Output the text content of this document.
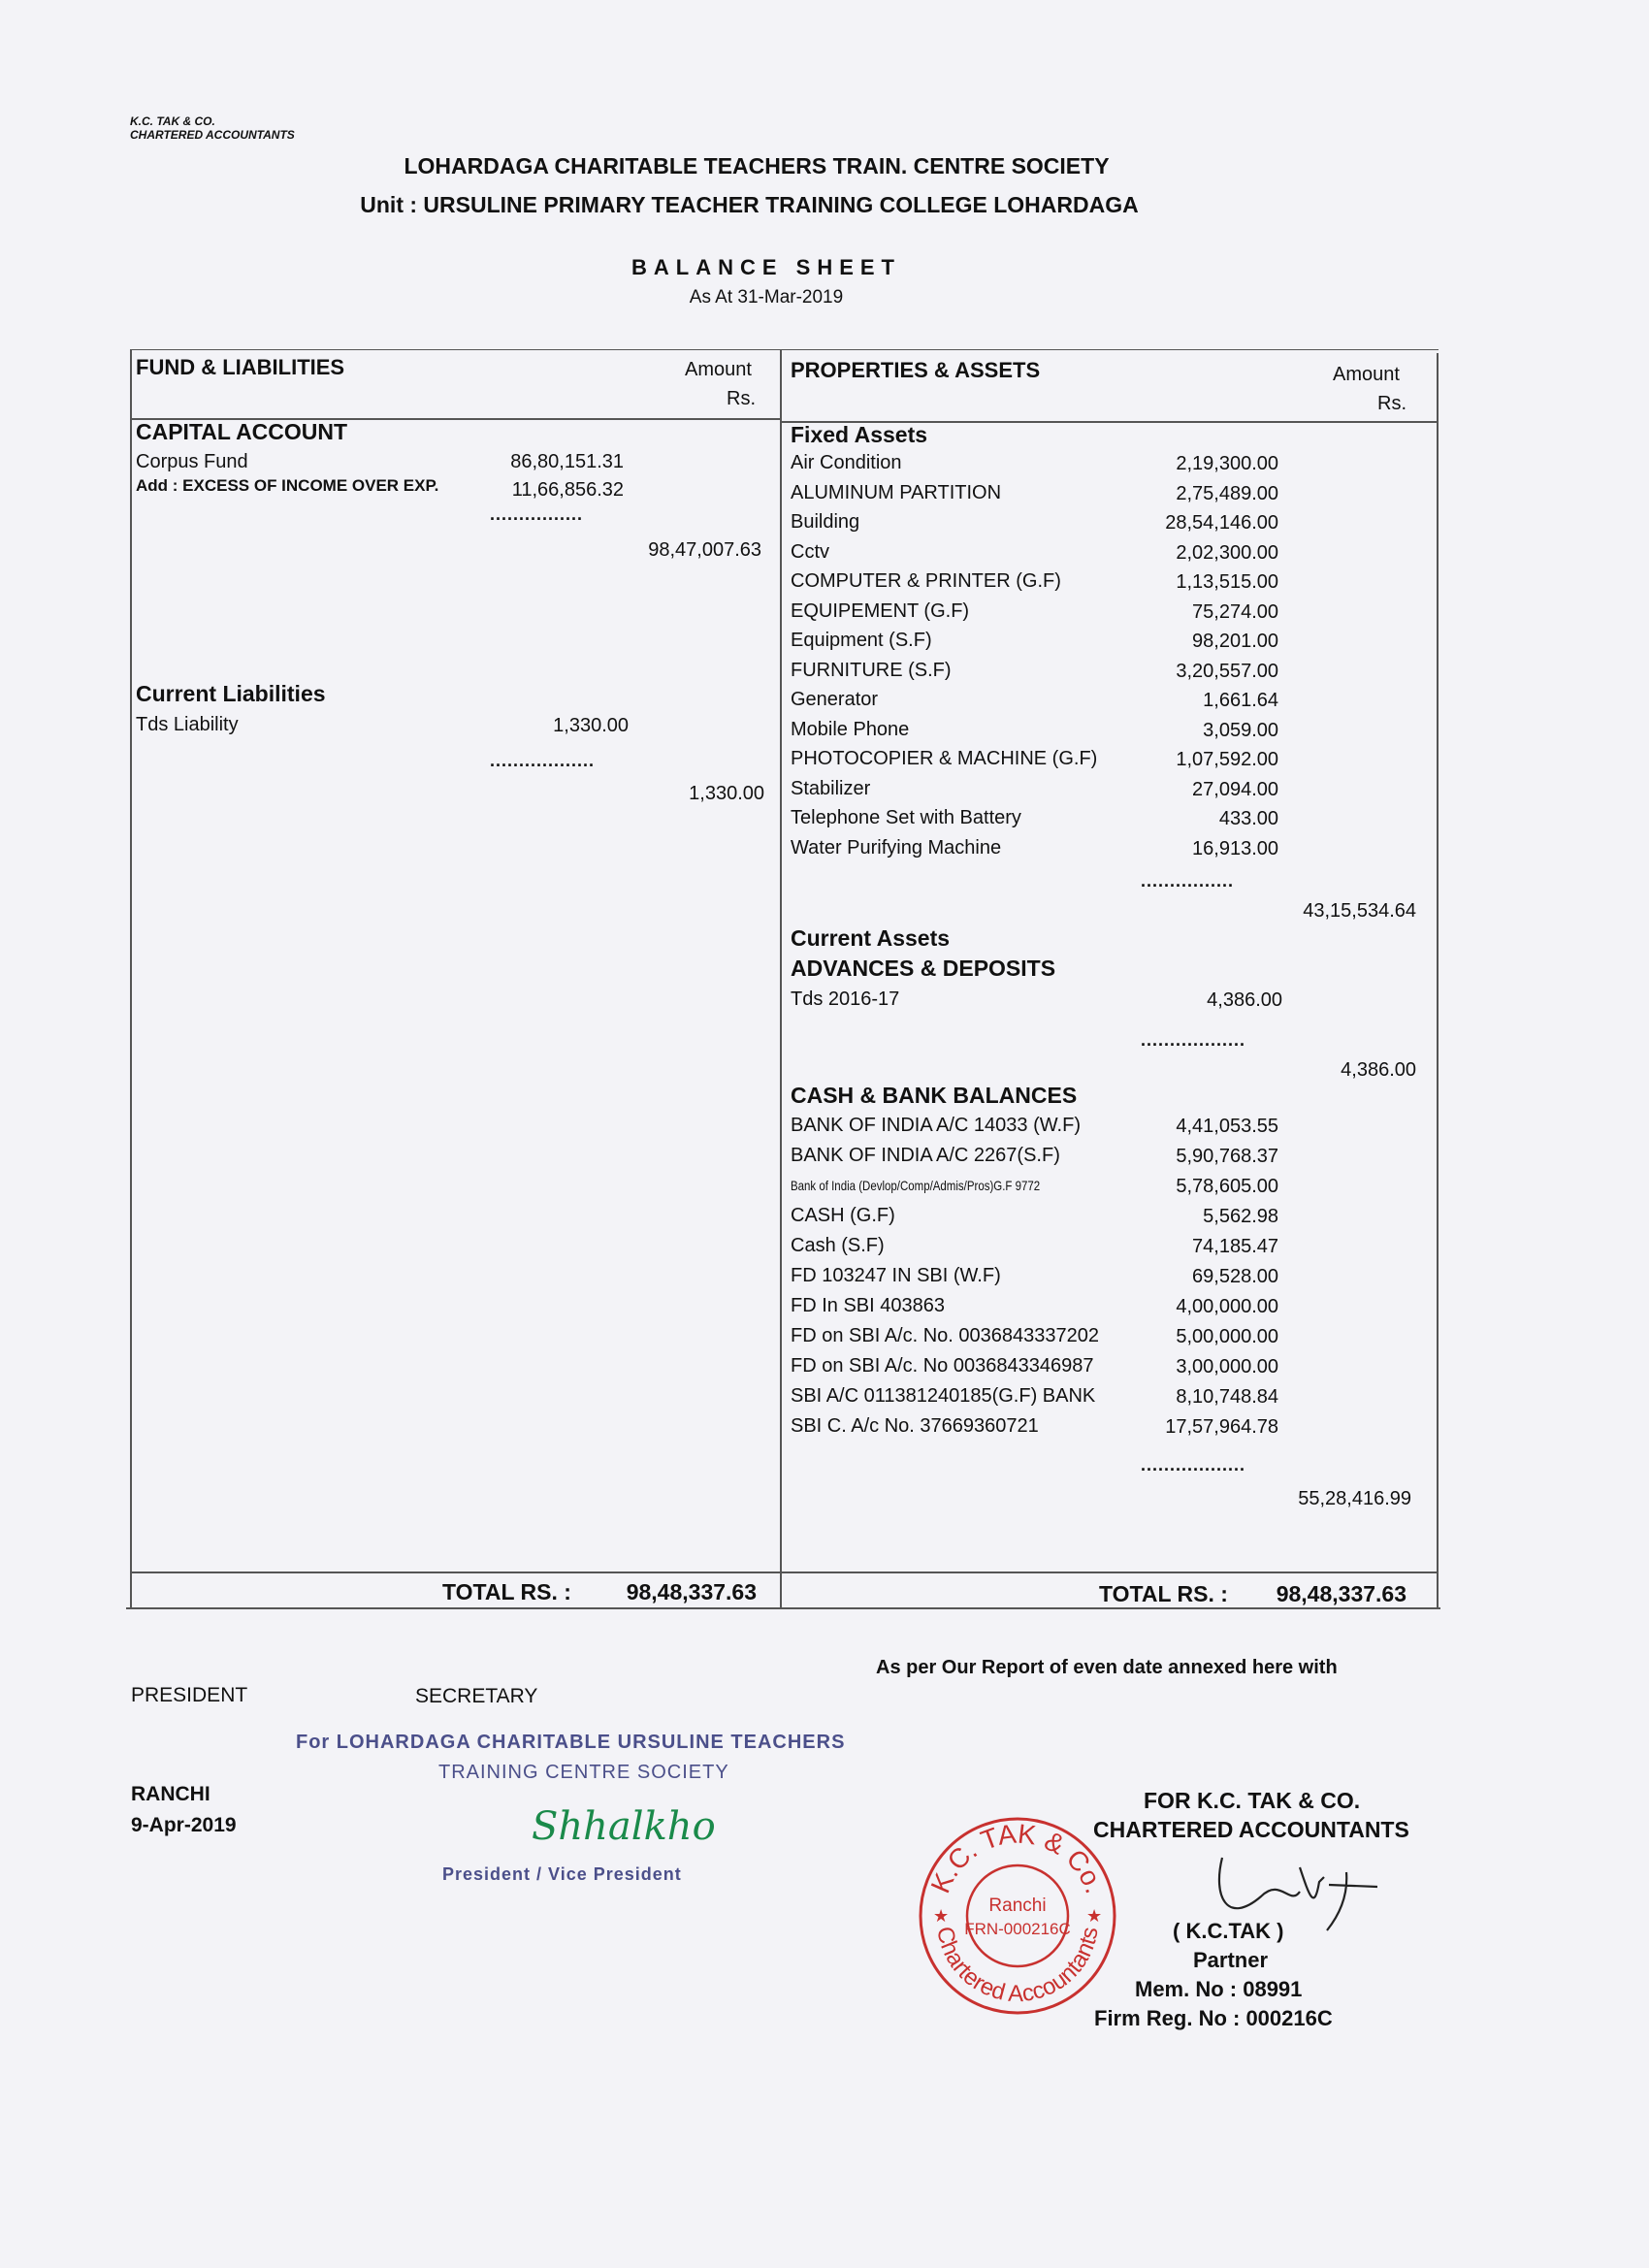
K.C. TAK & CO.
CHARTERED ACCOUNTANTS
LOHARDAGA CHARITABLE TEACHERS TRAIN. CENTRE SOCIETY
Unit : URSULINE PRIMARY TEACHER TRAINING COLLEGE LOHARDAGA
BALANCE SHEET
As At 31-Mar-2019
FUND & LIABILITIES	Amount
Rs.
CAPITAL ACCOUNT
Corpus Fund	86,80,151.31
Add : EXCESS OF INCOME OVER EXP.	11,66,856.32
................
98,47,007.63
Current Liabilities
Tds Liability	1,330.00
..................
1,330.00
TOTAL RS. :	98,48,337.63
PROPERTIES & ASSETS	Amount
Rs.
Fixed Assets
Air Condition	2,19,300.00
ALUMINUM PARTITION	2,75,489.00
Building	28,54,146.00
Cctv	2,02,300.00
COMPUTER & PRINTER (G.F)	1,13,515.00
EQUIPEMENT (G.F)	75,274.00
Equipment (S.F)	98,201.00
FURNITURE (S.F)	3,20,557.00
Generator	1,661.64
Mobile Phone	3,059.00
PHOTOCOPIER & MACHINE (G.F)	1,07,592.00
Stabilizer	27,094.00
Telephone Set with Battery	433.00
Water Purifying Machine	16,913.00
................
43,15,534.64
Current Assets
ADVANCES & DEPOSITS
Tds 2016-17	4,386.00
..................
4,386.00
CASH & BANK BALANCES
BANK OF INDIA A/C 14033 (W.F)	4,41,053.55
BANK OF INDIA A/C 2267(S.F)	5,90,768.37
Bank of India (Devlop/Comp/Admis/Pros)G.F 9772	5,78,605.00
CASH (G.F)	5,562.98
Cash (S.F)	74,185.47
FD 103247 IN SBI (W.F)	69,528.00
FD In SBI 403863	4,00,000.00
FD on SBI A/c. No. 0036843337202	5,00,000.00
FD on SBI A/c. No 0036843346987	3,00,000.00
SBI A/C 011381240185(G.F) BANK	8,10,748.84
SBI C. A/c No. 37669360721	17,57,964.78
..................
55,28,416.99
TOTAL RS. :	98,48,337.63
As per Our Report of even date annexed here with
PRESIDENT	SECRETARY
For LOHARDAGA CHARITABLE URSULINE TEACHERS
TRAINING CENTRE SOCIETY
Shhalkho
President / Vice President
RANCHI
9-Apr-2019
FOR K.C. TAK & CO.
CHARTERED ACCOUNTANTS
K.C. TAK & Co.
Chartered Accountants
Ranchi
FRN-000216C
★	★
( K.C.TAK )
Partner
Mem. No : 08991
Firm Reg. No : 000216C
